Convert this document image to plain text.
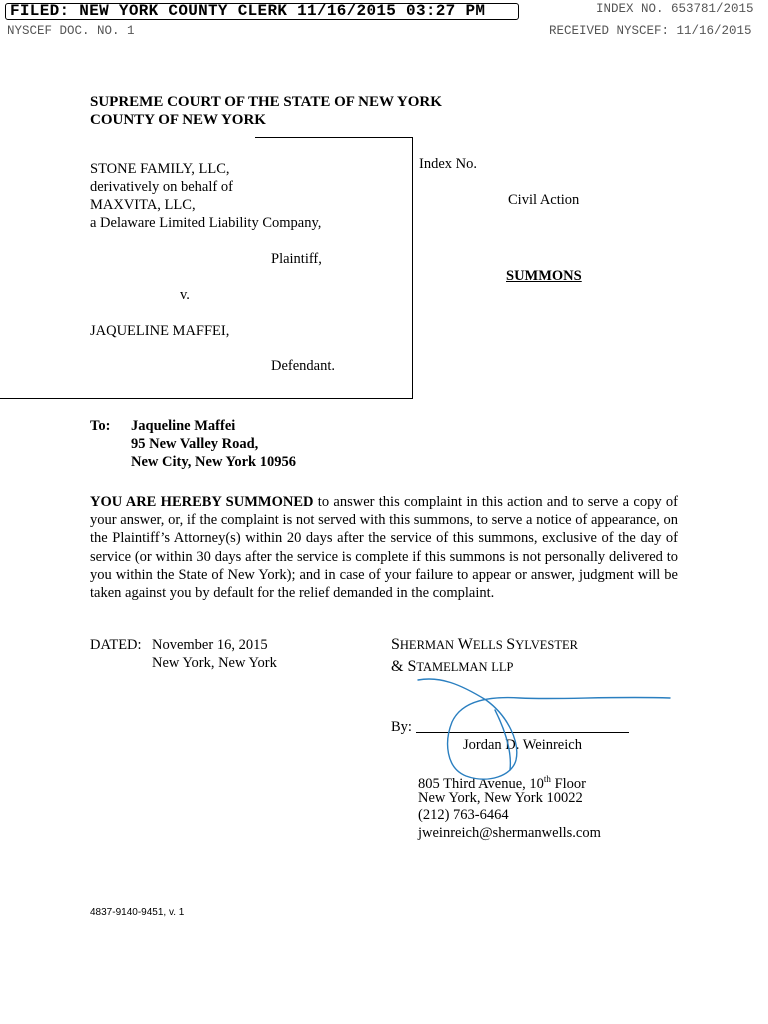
FILED: NEW YORK COUNTY CLERK 11/16/2015 03:27 PM	INDEX NO. 653781/2015
NYSCEF DOC. NO. 1	RECEIVED NYSCEF: 11/16/2015
SUPREME COURT OF THE STATE OF NEW YORK
COUNTY OF NEW YORK
STONE FAMILY, LLC,
derivatively on behalf of
MAXVITA, LLC,
a Delaware Limited Liability Company,
Plaintiff,
v.
JAQUELINE MAFFEI,
Defendant.
Index No.
Civil Action
SUMMONS
To: Jaqueline Maffei
95 New Valley Road,
New City, New York 10956
YOU ARE HEREBY SUMMONED to answer this complaint in this action and to serve a copy of your answer, or, if the complaint is not served with this summons, to serve a notice of appearance, on the Plaintiff’s Attorney(s) within 20 days after the service of this summons, exclusive of the day of service (or within 30 days after the service is complete if this summons is not personally delivered to you within the State of New York); and in case of your failure to appear or answer, judgment will be taken against you by default for the relief demanded in the complaint.
DATED: November 16, 2015
New York, New York
SHERMAN WELLS SYLVESTER
& STAMELMAN LLP
By:
Jordan D. Weinreich
805 Third Avenue, 10th Floor
New York, New York 10022
(212) 763-6464
jweinreich@shermanwells.com
4837-9140-9451, v. 1
